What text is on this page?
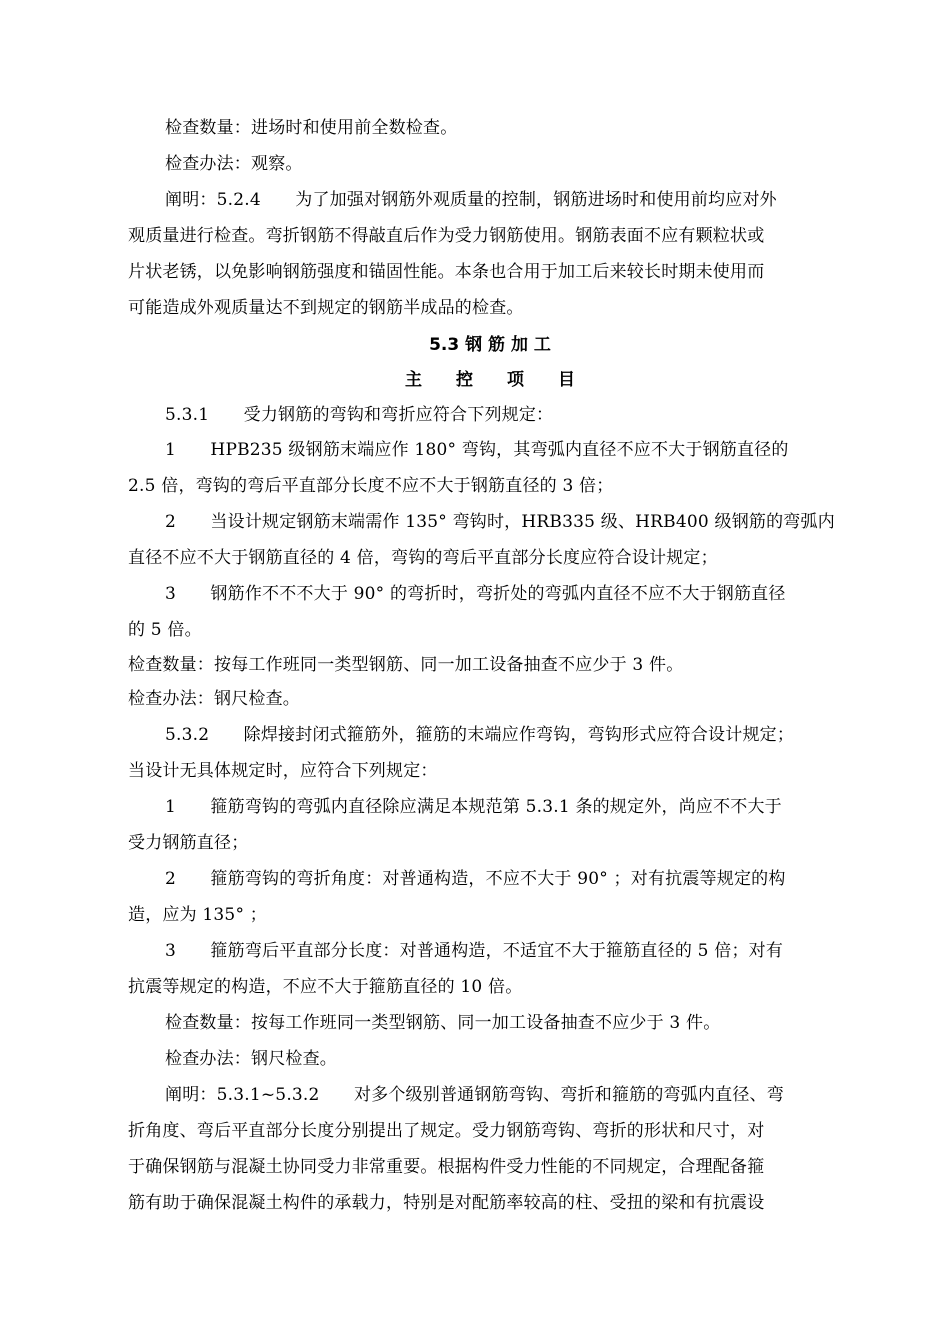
检查数量：进场时和使用前全数检查。
检查办法：观察。
阐明：5.2.4　　为了加强对钢筋外观质量的控制，钢筋进场时和使用前均应对外
观质量进行检查。弯折钢筋不得敲直后作为受力钢筋使用。钢筋表面不应有颗粒状或
片状老锈，以免影响钢筋强度和锚固性能。本条也合用于加工后来较长时期未使用而
可能造成外观质量达不到规定的钢筋半成品的检查。
5.3 钢 筋 加 工
主　　控　　项　　目
5.3.1　　受力钢筋的弯钩和弯折应符合下列规定：
1　　HPB235 级钢筋末端应作 180° 弯钩，其弯弧内直径不应不大于钢筋直径的
2.5 倍，弯钩的弯后平直部分长度不应不大于钢筋直径的 3 倍；
2　　当设计规定钢筋末端需作 135° 弯钩时，HRB335 级、HRB400 级钢筋的弯弧内
直径不应不大于钢筋直径的 4 倍，弯钩的弯后平直部分长度应符合设计规定；
3　　钢筋作不不不大于 90° 的弯折时，弯折处的弯弧内直径不应不大于钢筋直径
的 5 倍。
检查数量：按每工作班同一类型钢筋、同一加工设备抽查不应少于 3 件。
检查办法：钢尺检查。
5.3.2　　除焊接封闭式箍筋外，箍筋的末端应作弯钩，弯钩形式应符合设计规定；
当设计无具体规定时，应符合下列规定：
1　　箍筋弯钩的弯弧内直径除应满足本规范第 5.3.1 条的规定外，尚应不不大于
受力钢筋直径；
2　　箍筋弯钩的弯折角度：对普通构造，不应不大于 90° ；对有抗震等规定的构
造，应为 135° ；
3　　箍筋弯后平直部分长度：对普通构造，不适宜不大于箍筋直径的 5 倍；对有
抗震等规定的构造，不应不大于箍筋直径的 10 倍。
检查数量：按每工作班同一类型钢筋、同一加工设备抽查不应少于 3 件。
检查办法：钢尺检查。
阐明：5.3.1~5.3.2　　对多个级别普通钢筋弯钩、弯折和箍筋的弯弧内直径、弯
折角度、弯后平直部分长度分别提出了规定。受力钢筋弯钩、弯折的形状和尺寸，对
于确保钢筋与混凝土协同受力非常重要。根据构件受力性能的不同规定，合理配备箍
筋有助于确保混凝土构件的承载力，特别是对配筋率较高的柱、受扭的梁和有抗震设
